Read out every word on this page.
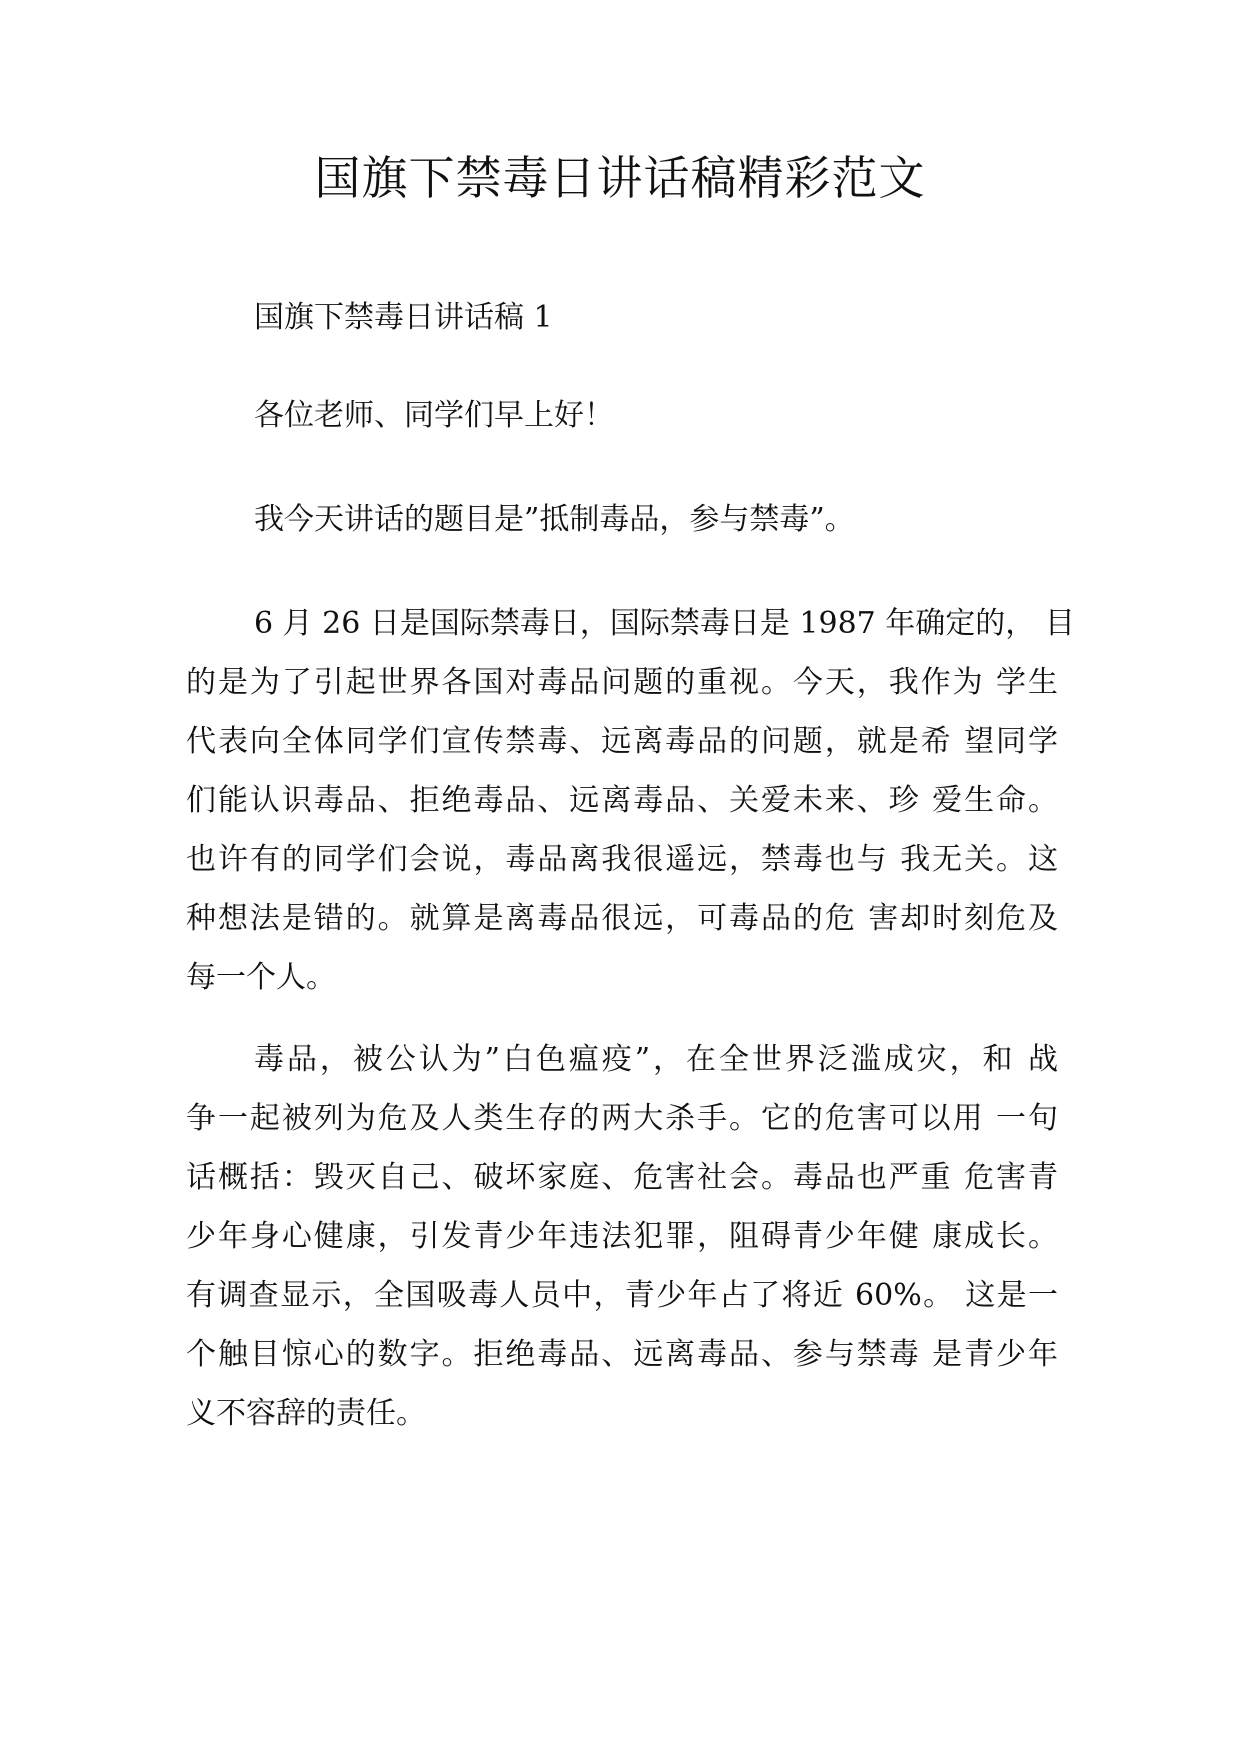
国旗下禁毒日讲话稿精彩范文

国旗下禁毒日讲话稿 1

各位老师、同学们早上好！

我今天讲话的题目是”抵制毒品，参与禁毒”。

6 月 26 日是国际禁毒日，国际禁毒日是 1987 年确定的， 目
的是为了引起世界各国对毒品问题的重视。今天，我作为 学生
代表向全体同学们宣传禁毒、远离毒品的问题，就是希 望同学
们能认识毒品、拒绝毒品、远离毒品、关爱未来、珍 爱生命。
也许有的同学们会说，毒品离我很遥远，禁毒也与 我无关。这
种想法是错的。就算是离毒品很远，可毒品的危 害却时刻危及
每一个人。
毒品，被公认为”白色瘟疫”，在全世界泛滥成灾，和 战
争一起被列为危及人类生存的两大杀手。它的危害可以用 一句
话概括：毁灭自己、破坏家庭、危害社会。毒品也严重 危害青
少年身心健康，引发青少年违法犯罪，阻碍青少年健 康成长。
有调查显示，全国吸毒人员中，青少年占了将近 60%。 这是一
个触目惊心的数字。拒绝毒品、远离毒品、参与禁毒 是青少年
义不容辞的责任。
